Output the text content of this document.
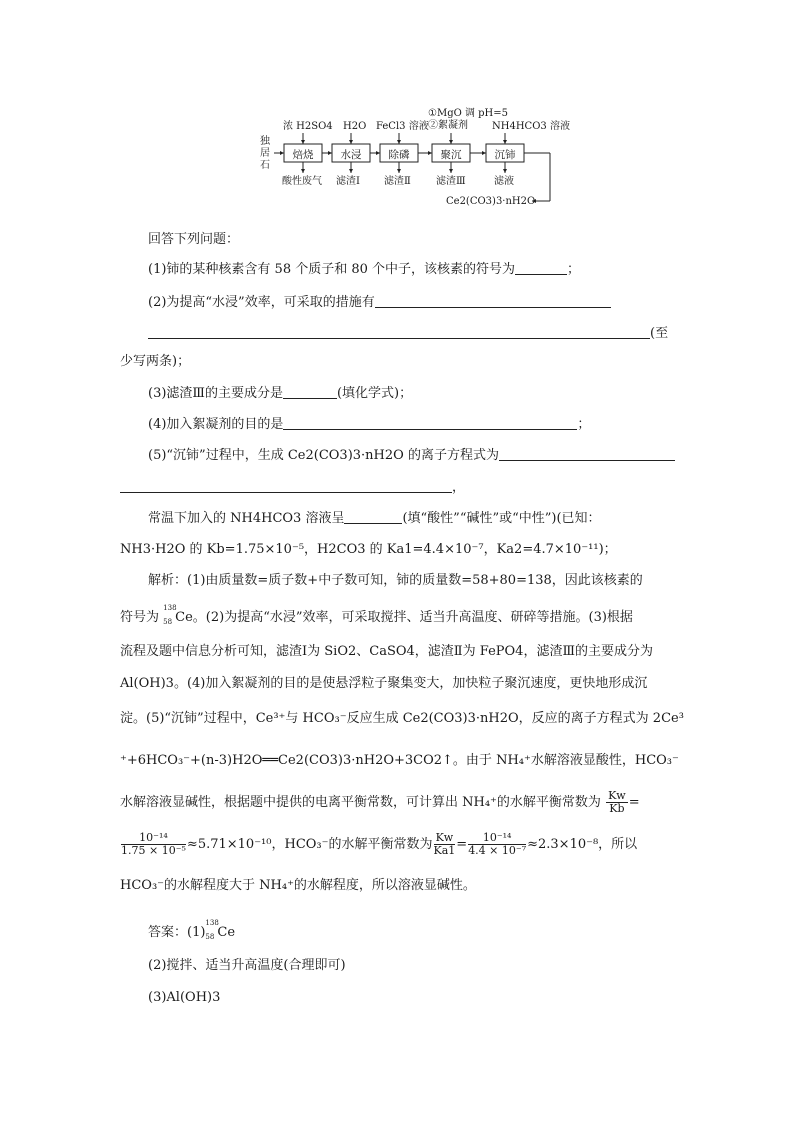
独居石
浓 H2SO4 H2O FeCl3 溶液
①MgO 调 pH=5
②絮凝剂 NH4HCO3 溶液
焙烧	水浸	除磷	聚沉	沉铈
酸性废气 滤渣Ⅰ 滤渣Ⅱ	滤渣Ⅲ	滤液
Ce2(CO3)3·nH2O
回答下列问题：
(1)铈的某种核素含有 58 个质子和 80 个中子，该核素的符号为	；
(2)为提高“水浸”效率，可采取的措施有
(至
少写两条)；
(3)滤渣Ⅲ的主要成分是	(填化学式)；
(4)加入絮凝剂的目的是	；
(5)“沉铈”过程中，生成 Ce2(CO3)3·nH2O 的离子方程式为
，
常温下加入的 NH4HCO3 溶液呈	(填“酸性”“碱性”或“中性”)(已知：
NH3·H2O 的 Kb=1.75×10⁻⁵，H2CO3 的 Ka1=4.4×10⁻⁷，Ka2=4.7×10⁻¹¹)；
解析：(1)由质量数=质子数+中子数可知，铈的质量数=58+80=138，因此该核素的
符号为
138
58 Ce。(2)为提高“水浸”效率，可采取搅拌、适当升高温度、研碎等措施。(3)根据
流程及题中信息分析可知，滤渣Ⅰ为 SiO2、CaSO4，滤渣Ⅱ为 FePO4，滤渣Ⅲ的主要成分为
Al(OH)3。(4)加入絮凝剂的目的是使悬浮粒子聚集变大，加快粒子聚沉速度，更快地形成沉
淀。(5)“沉铈”过程中，Ce³⁺与 HCO₃⁻反应生成 Ce2(CO3)3·nH2O，反应的离子方程式为 2Ce³
⁺+6HCO₃⁻+(n-3)H2O══Ce2(CO3)3·nH2O+3CO2↑。由于 NH₄⁺水解溶液显酸性，HCO₃⁻
水解溶液显碱性，根据题中提供的电离平衡常数，可计算出 NH₄⁺的水解平衡常数为 $\frac{Kw}{Kb}$ =
$\frac{\text{10⁻¹⁴}}{\text{1.75 × 10⁻⁵}} \approx 5.71\times 10^{-10}$，HCO₃⁻的水解平衡常数为 $\frac{Kw}{Ka1} = \frac{\text{10⁻¹⁴}}{\text{4.4 × 10⁻⁷}} \approx 2.3\times 10^{-8}$，所以
HCO₃⁻的水解程度大于 NH₄⁺的水解程度，所以溶液显碱性。
答案：(1)
138
58 Ce
(2)搅拌、适当升高温度(合理即可)
(3)Al(OH)3
